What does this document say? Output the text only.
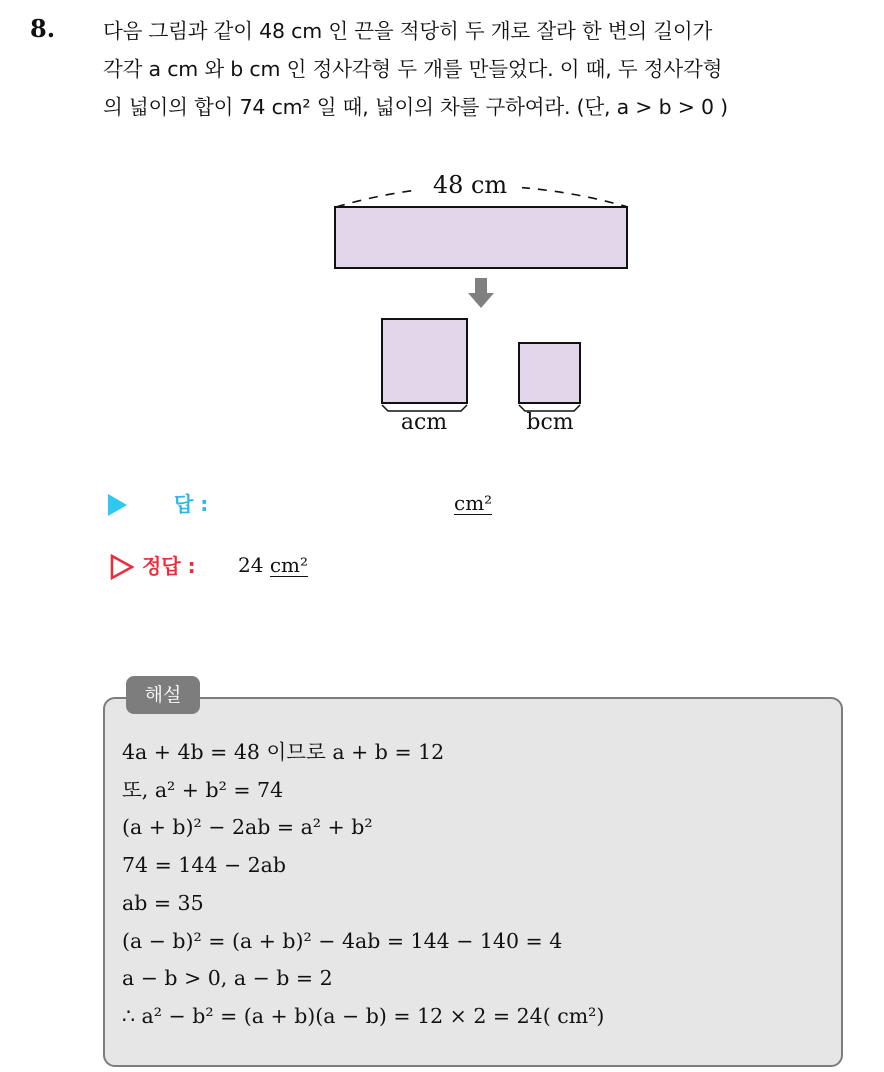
8. 다음 그림과 같이 48 cm 인 끈을 적당히 두 개로 잘라 한 변의 길이가
각각 a cm 와 b cm 인 정사각형 두 개를 만들었다. 이 때, 두 정사각형
의 넓이의 합이 74 cm² 일 때, 넓이의 차를 구하여라. (단, a > b > 0 )
48 cm
acm	bcm
답 :	cm²
정답 : 24 cm²
해설
4a + 4b = 48 이므로 a + b = 12
또, a² + b² = 74
(a + b)² − 2ab = a² + b²
74 = 144 − 2ab
ab = 35
(a − b)² = (a + b)² − 4ab = 144 − 140 = 4
a − b > 0, a − b = 2
∴ a² − b² = (a + b)(a − b) = 12 × 2 = 24( cm²)
